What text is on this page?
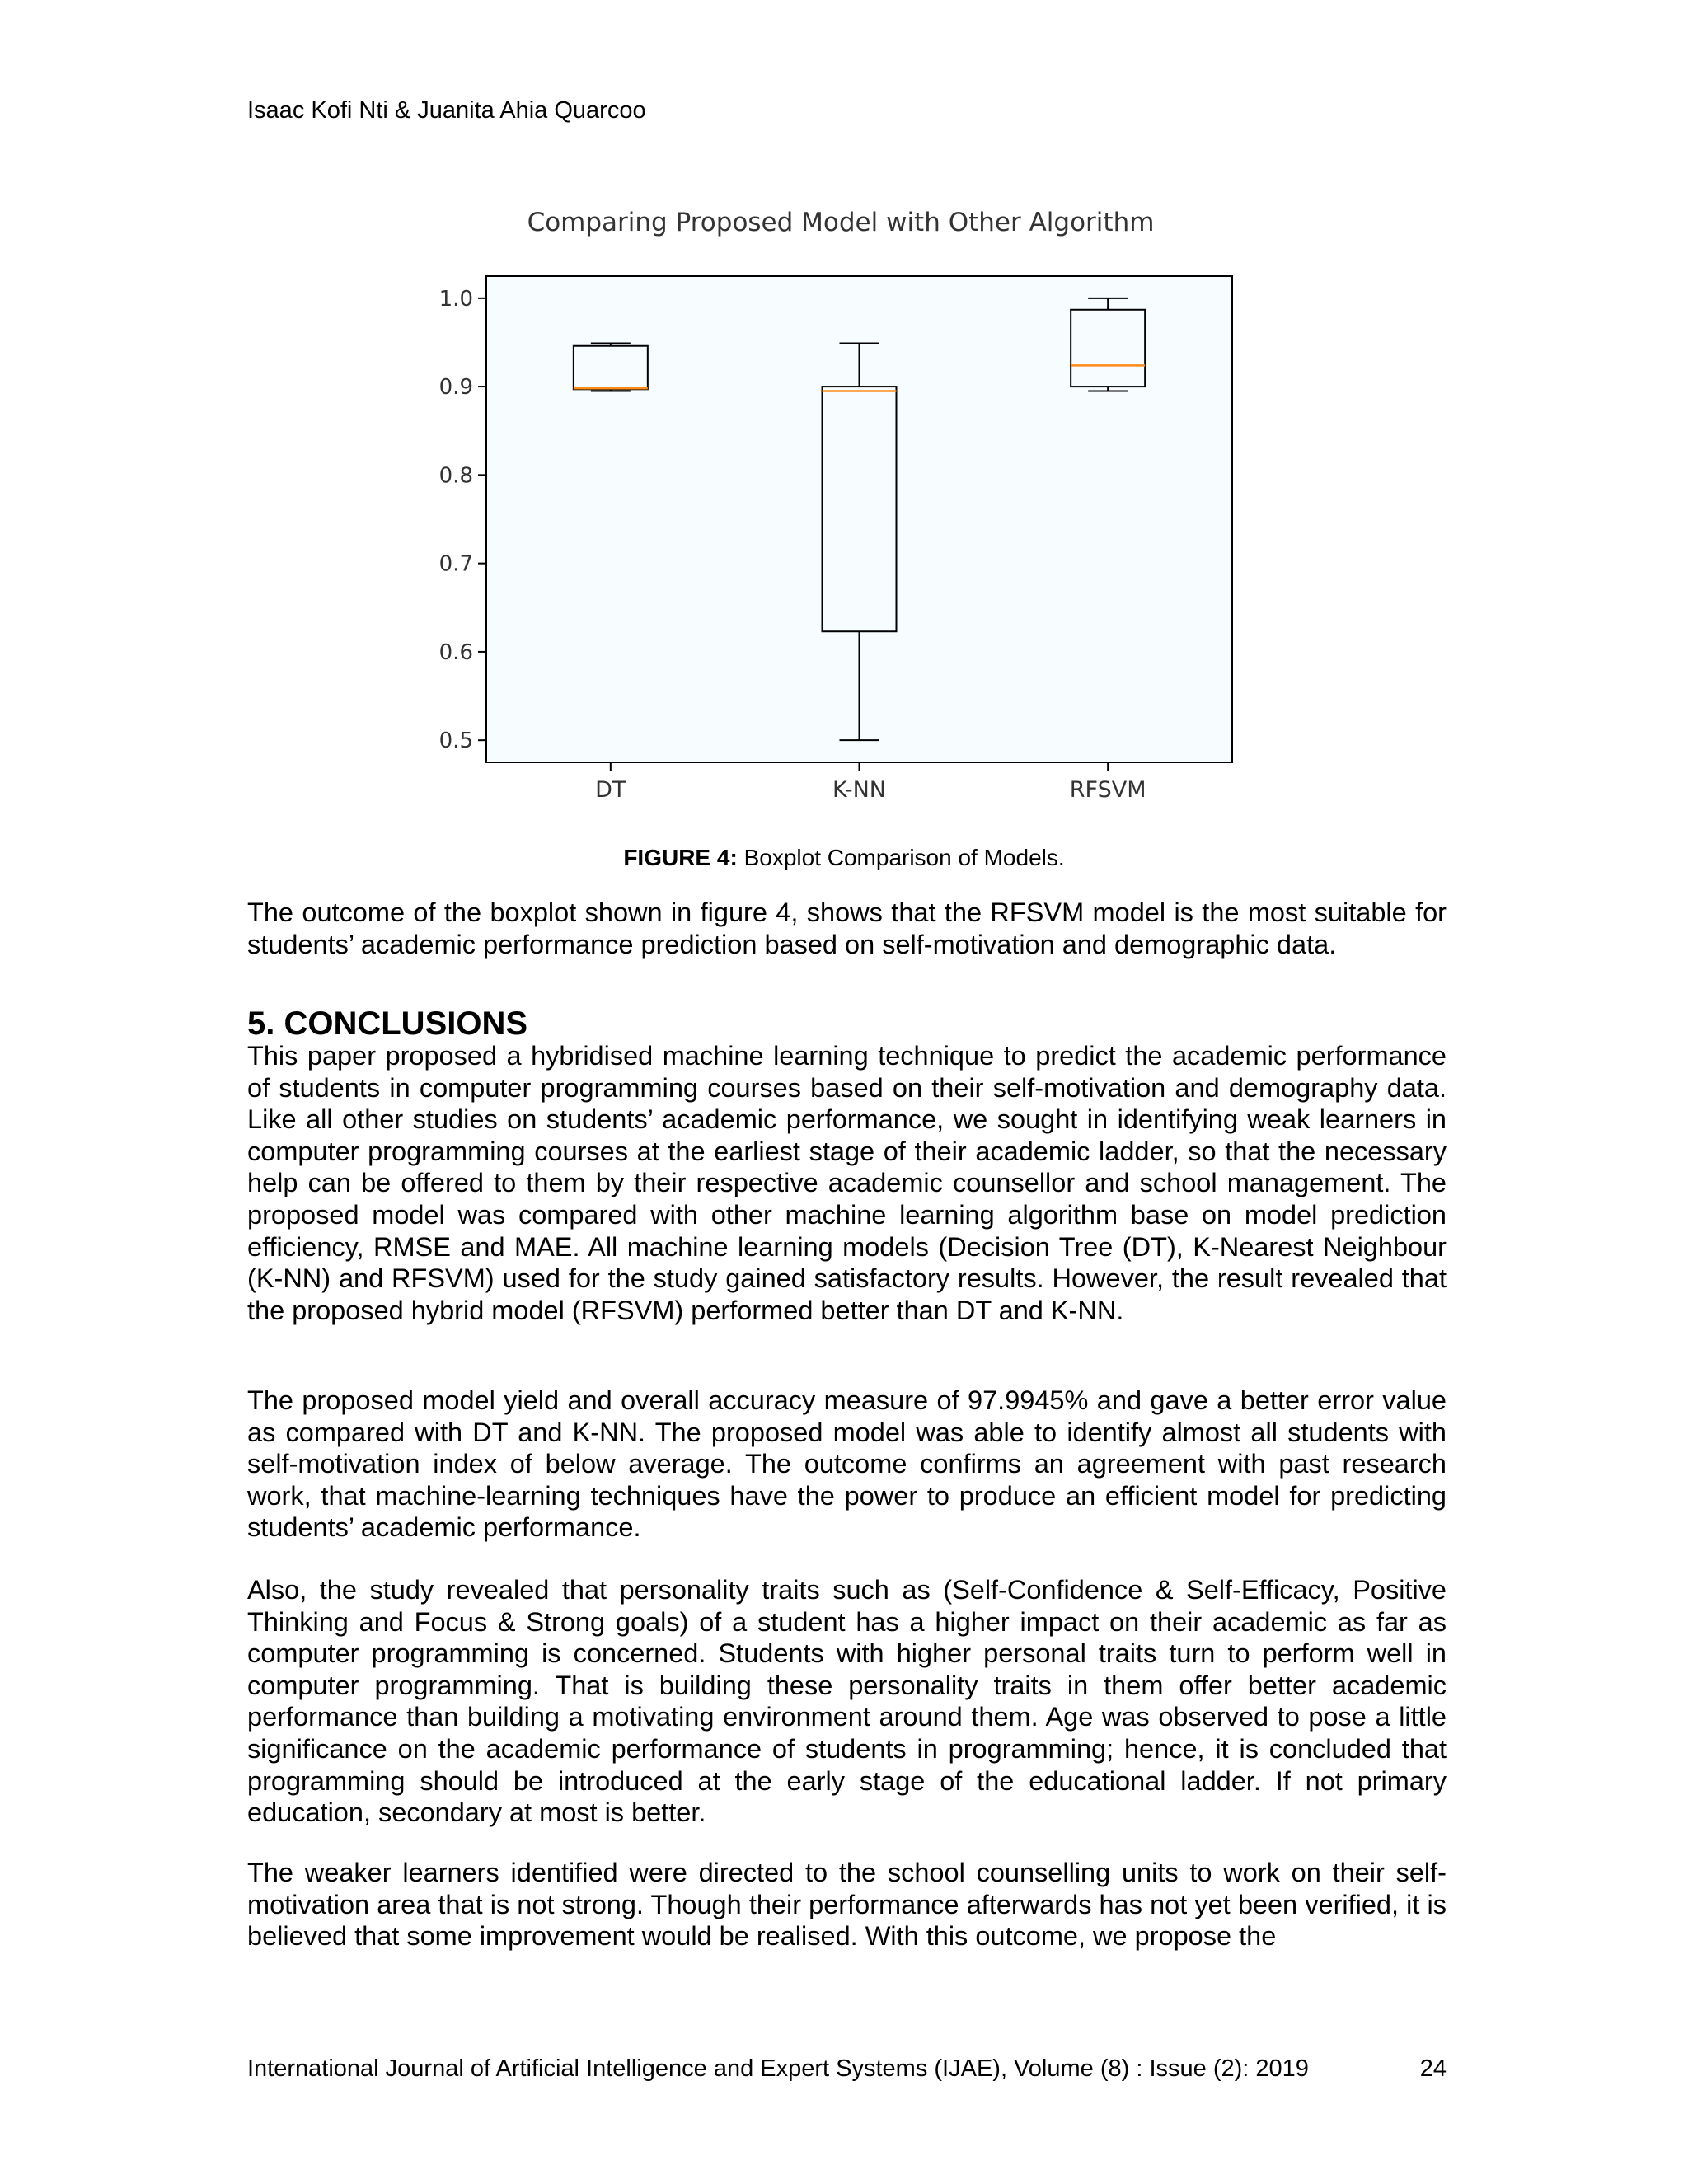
Isaac Kofi Nti & Juanita Ahia Quarcoo

Comparing Proposed Model with Other Algorithm
1.0
0.9
0.8
0.7
0.6
0.5
DT	K-NN	RFSVM

FIGURE 4: Boxplot Comparison of Models.

The outcome of the boxplot shown in figure 4, shows that the RFSVM model is the most suitable for students’ academic performance prediction based on self-motivation and demographic data.

5. CONCLUSIONS

This paper proposed a hybridised machine learning technique to predict the academic performance of students in computer programming courses based on their self-motivation and demography data. Like all other studies on students’ academic performance, we sought in identifying weak learners in computer programming courses at the earliest stage of their academic ladder, so that the necessary help can be offered to them by their respective academic counsellor and school management. The proposed model was compared with other machine learning algorithm base on model prediction efficiency, RMSE and MAE. All machine learning models (Decision Tree (DT), K-Nearest Neighbour (K-NN) and RFSVM) used for the study gained satisfactory results. However, the result revealed that the proposed hybrid model (RFSVM) performed better than DT and K-NN.

The proposed model yield and overall accuracy measure of 97.9945% and gave a better error value as compared with DT and K-NN. The proposed model was able to identify almost all students with self-motivation index of below average. The outcome confirms an agreement with past research work, that machine-learning techniques have the power to produce an efficient model for predicting students’ academic performance.

Also, the study revealed that personality traits such as (Self-Confidence & Self-Efficacy, Positive Thinking and Focus & Strong goals) of a student has a higher impact on their academic as far as computer programming is concerned. Students with higher personal traits turn to perform well in computer programming. That is building these personality traits in them offer better academic performance than building a motivating environment around them. Age was observed to pose a little significance on the academic performance of students in programming; hence, it is concluded that programming should be introduced at the early stage of the educational ladder. If not primary education, secondary at most is better.

The weaker learners identified were directed to the school counselling units to work on their self-motivation area that is not strong. Though their performance afterwards has not yet been verified, it is believed that some improvement would be realised. With this outcome, we propose the

International Journal of Artificial Intelligence and Expert Systems (IJAE), Volume (8) : Issue (2): 2019	24
